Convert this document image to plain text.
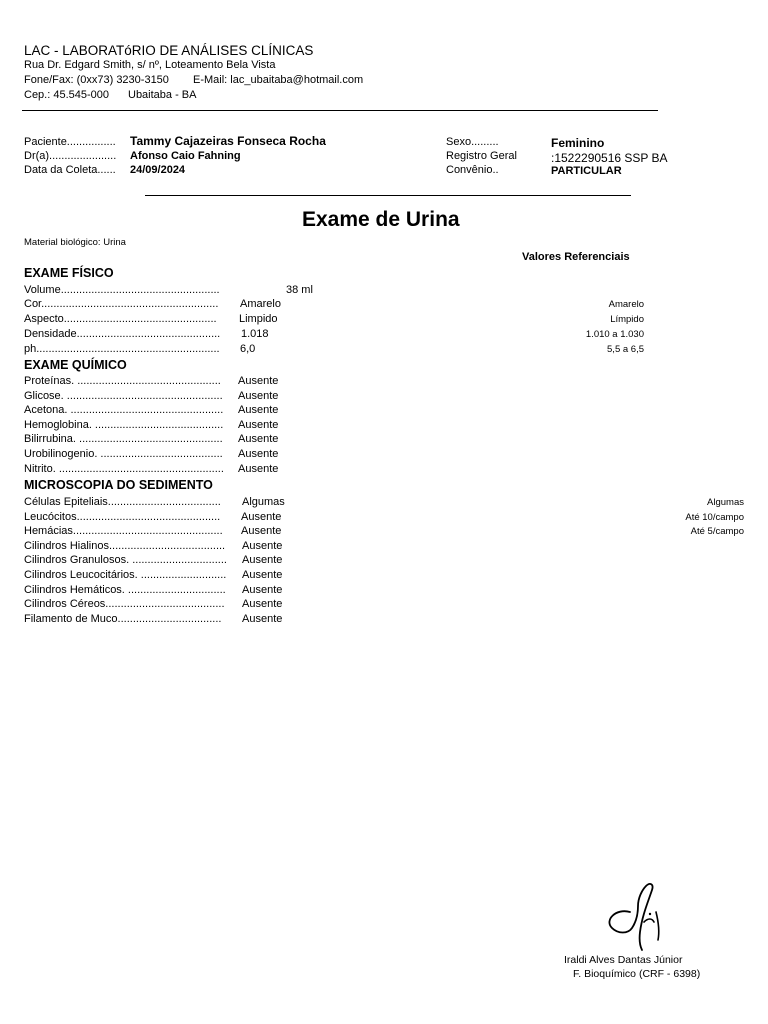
LAC - LABORATóRIO DE ANÁLISES CLÍNICAS
Rua Dr. Edgard Smith, s/ nº, Loteamento Bela Vista
Fone/Fax: (0xx73) 3230-3150 E-Mail: lac_ubaitaba@hotmail.com
Cep.: 45.545-000 Ubaitaba - BA
Paciente................ Tammy Cajazeiras Fonseca Rocha
Dr(a)...................... Afonso Caio Fahning
Data da Coleta...... 24/09/2024
Sexo.........	Feminino
Registro Geral	:1522290516 SSP BA
Convênio..	PARTICULAR
Exame de Urina
Material biológico: Urina
Valores Referenciais
EXAME FÍSICO
Volume....................................................	38 ml
Cor.......................................................... Amarelo	Amarelo
Aspecto.................................................. Limpido	Límpido
Densidade............................................... 1.018	1.010 a 1.030
ph............................................................ 6,0	5,5 a 6,5
EXAME QUÍMICO
Proteínas. ............................................... Ausente
Glicose. ................................................... Ausente
Acetona. .................................................. Ausente
Hemoglobina. .......................................... Ausente
Bilirrubina. ............................................... Ausente
Urobilinogenio. ........................................ Ausente
Nitrito. ...................................................... Ausente
MICROSCOPIA DO SEDIMENTO
Células Epiteliais..................................... Algumas	Algumas
Leucócitos............................................... Ausente	Até 10/campo
Hemácias................................................. Ausente	Até 5/campo
Cilindros Hialinos...................................... Ausente
Cilindros Granulosos. ............................... Ausente
Cilindros Leucocitários. ............................ Ausente
Cilindros Hemáticos. ................................ Ausente
Cilindros Céreos....................................... Ausente
Filamento de Muco.................................. Ausente
Iraldi Alves Dantas Júnior
F. Bioquímico (CRF - 6398)
